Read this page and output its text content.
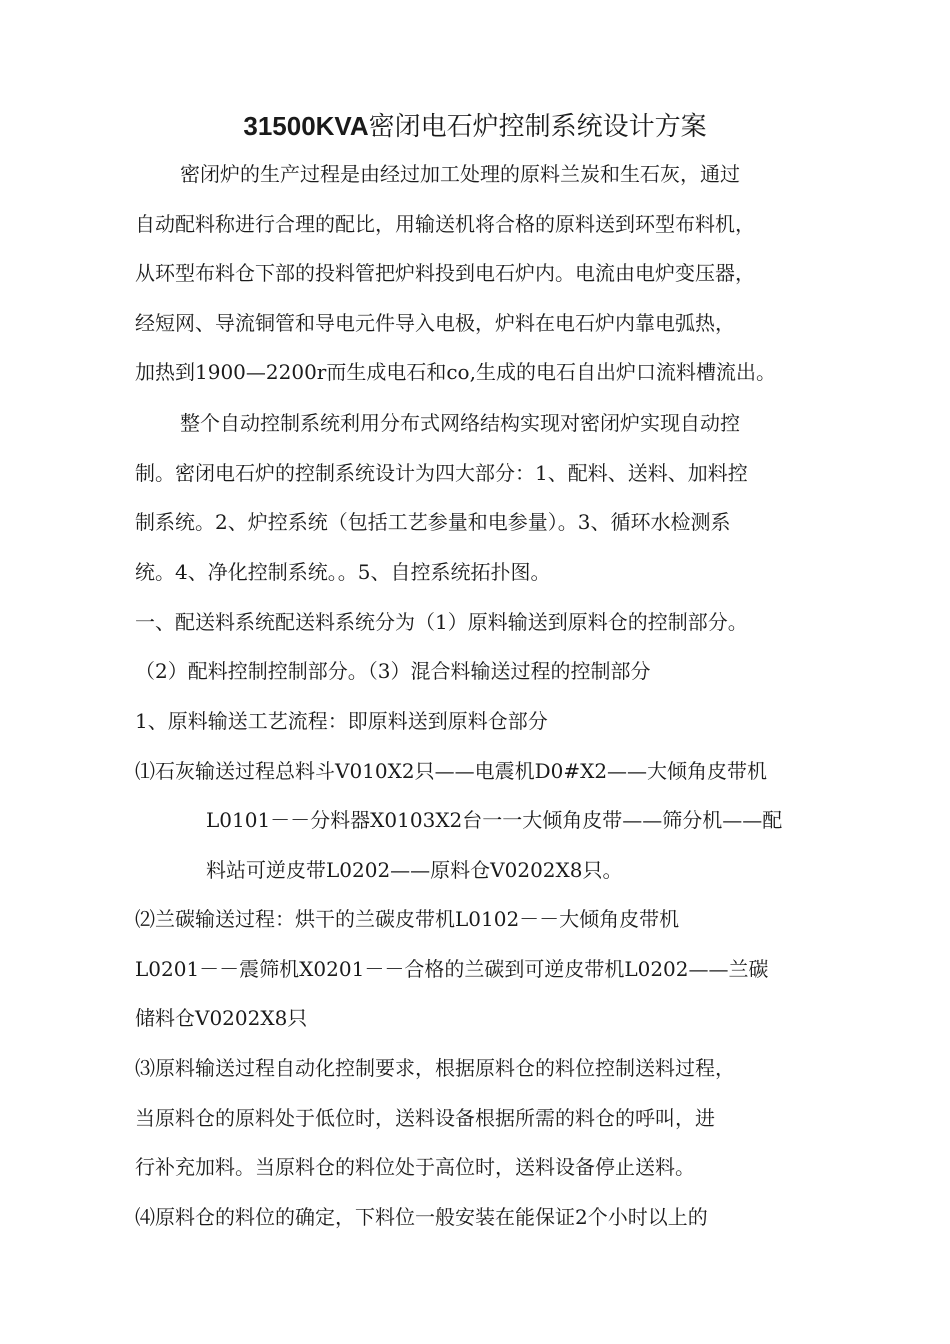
31500KVA密闭电石炉控制系统设计方案
密闭炉的生产过程是由经过加工处理的原料兰炭和生石灰，通过
自动配料称进行合理的配比，用输送机将合格的原料送到环型布料机，
从环型布料仓下部的投料管把炉料投到电石炉内。电流由电炉变压器，
经短网、导流铜管和导电元件导入电极，炉料在电石炉内靠电弧热，
加热到1900—2200r而生成电石和co,生成的电石自出炉口流料槽流出。
整个自动控制系统利用分布式网络结构实现对密闭炉实现自动控
制。密闭电石炉的控制系统设计为四大部分：1、配料、送料、加料控
制系统。2、炉控系统（包括工艺参量和电参量）。3、循环水检测系
统。4、净化控制系统。。5、自控系统拓扑图。
一、配送料系统配送料系统分为（1）原料输送到原料仓的控制部分。
（2）配料控制控制部分。（3）混合料输送过程的控制部分
1、原料输送工艺流程：即原料送到原料仓部分
⑴石灰输送过程总料斗V010X2只——电震机D0#X2——大倾角皮带机
L0101－－分料器X0103X2台一一大倾角皮带——筛分机——配
料站可逆皮带L0202——原料仓V0202X8只。
⑵兰碳输送过程：烘干的兰碳皮带机L0102－－大倾角皮带机
L0201－－震筛机X0201－－合格的兰碳到可逆皮带机L0202——兰碳
储料仓V0202X8只
⑶原料输送过程自动化控制要求，根据原料仓的料位控制送料过程，
当原料仓的原料处于低位时，送料设备根据所需的料仓的呼叫，进
行补充加料。当原料仓的料位处于高位时，送料设备停止送料。
⑷原料仓的料位的确定，下料位一般安装在能保证2个小时以上的
